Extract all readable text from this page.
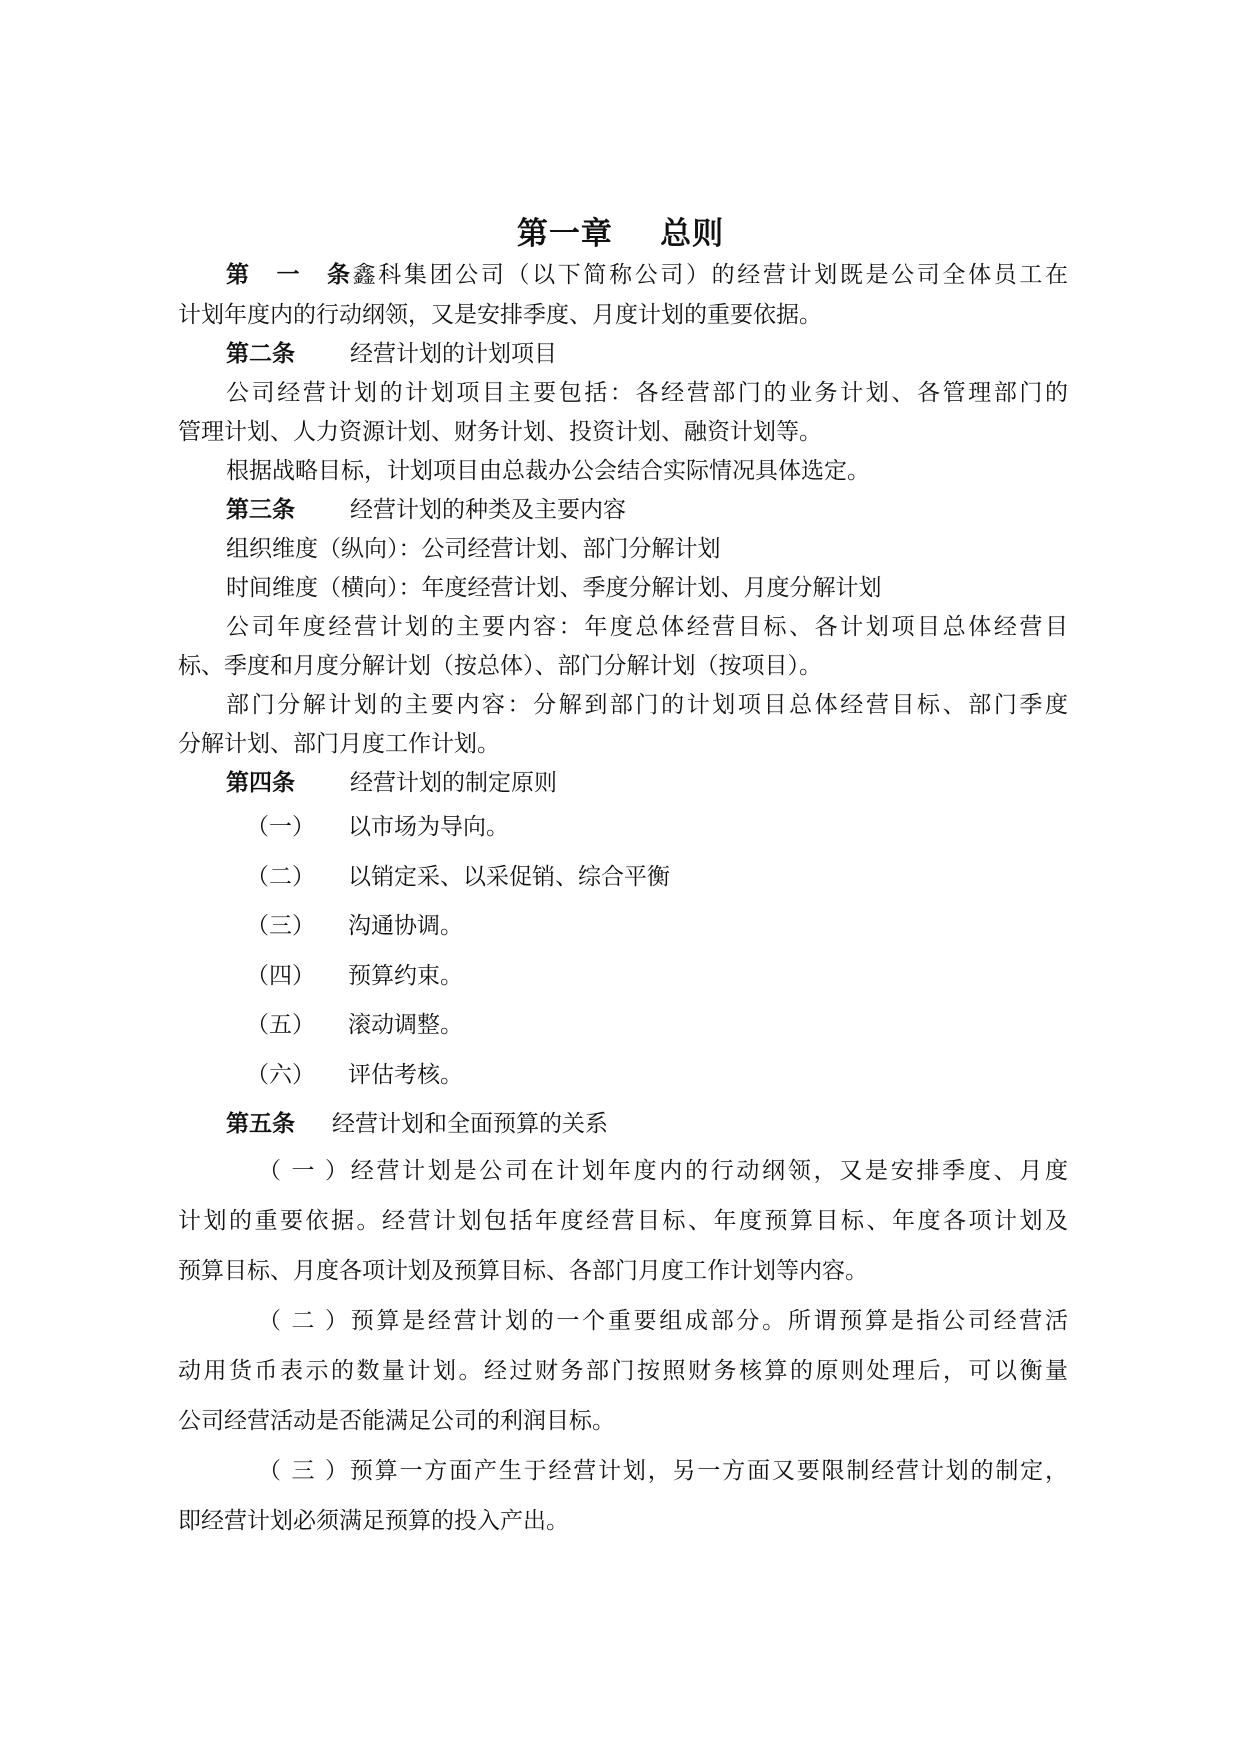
第一章    总则
第一条鑫科集团公司（以下简称公司）的经营计划既是公司全体员工在
计划年度内的行动纲领，又是安排季度、月度计划的重要依据。
第二条 经营计划的计划项目
公司经营计划的计划项目主要包括：各经营部门的业务计划、各管理部门的
管理计划、人力资源计划、财务计划、投资计划、融资计划等。
根据战略目标，计划项目由总裁办公会结合实际情况具体选定。
第三条 经营计划的种类及主要内容
组织维度（纵向）：公司经营计划、部门分解计划
时间维度（横向）：年度经营计划、季度分解计划、月度分解计划
公司年度经营计划的主要内容：年度总体经营目标、各计划项目总体经营目
标、季度和月度分解计划（按总体）、部门分解计划（按项目）。
部门分解计划的主要内容：分解到部门的计划项目总体经营目标、部门季度
分解计划、部门月度工作计划。
第四条 经营计划的制定原则
（一） 以市场为导向。
（二） 以销定采、以采促销、综合平衡
（三） 沟通协调。
（四） 预算约束。
（五） 滚动调整。
（六） 评估考核。
第五条 经营计划和全面预算的关系
（一）经营计划是公司在计划年度内的行动纲领，又是安排季度、月度
计划的重要依据。经营计划包括年度经营目标、年度预算目标、年度各项计划及
预算目标、月度各项计划及预算目标、各部门月度工作计划等内容。
（二）预算是经营计划的一个重要组成部分。所谓预算是指公司经营活
动用货币表示的数量计划。经过财务部门按照财务核算的原则处理后，可以衡量
公司经营活动是否能满足公司的利润目标。
（三）预算一方面产生于经营计划，另一方面又要限制经营计划的制定，
即经营计划必须满足预算的投入产出。
